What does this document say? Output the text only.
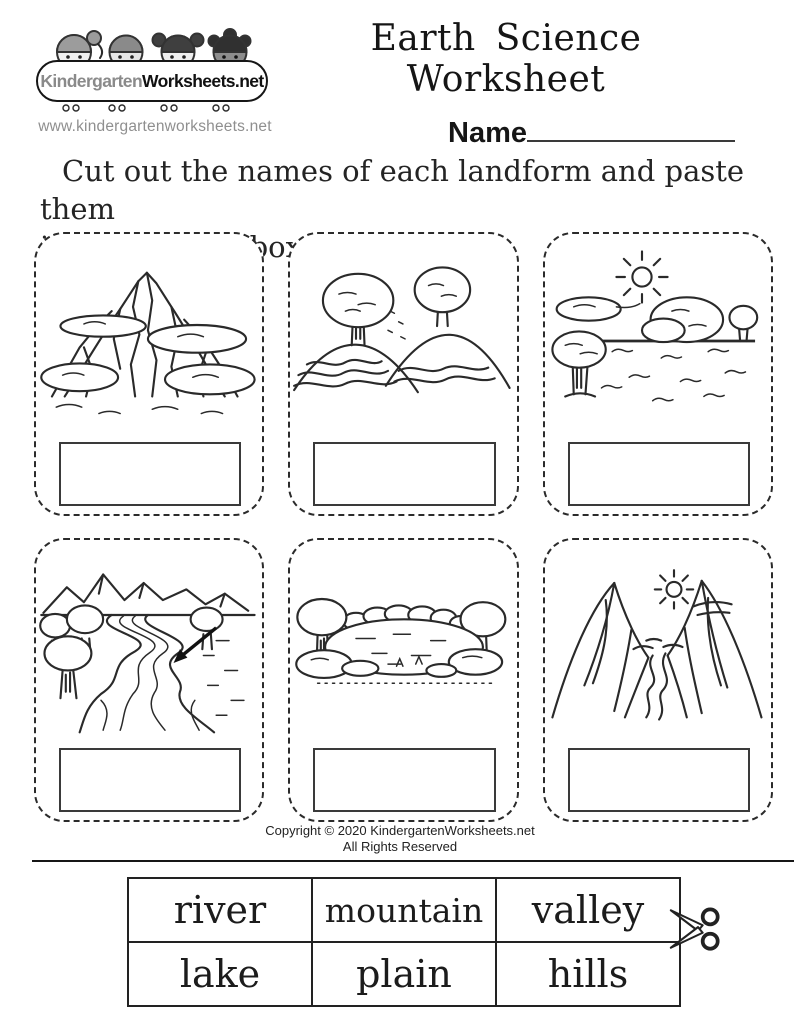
Kindergarten Worksheets.net
www.kindergartenworksheets.net
Earth Science Worksheet
Name

Cut out the names of each landform and paste them

Copyright © 2020 KindergartenWorksheets.net
All Rights Reserved
river	mountain	valley
lake	plain	hills
